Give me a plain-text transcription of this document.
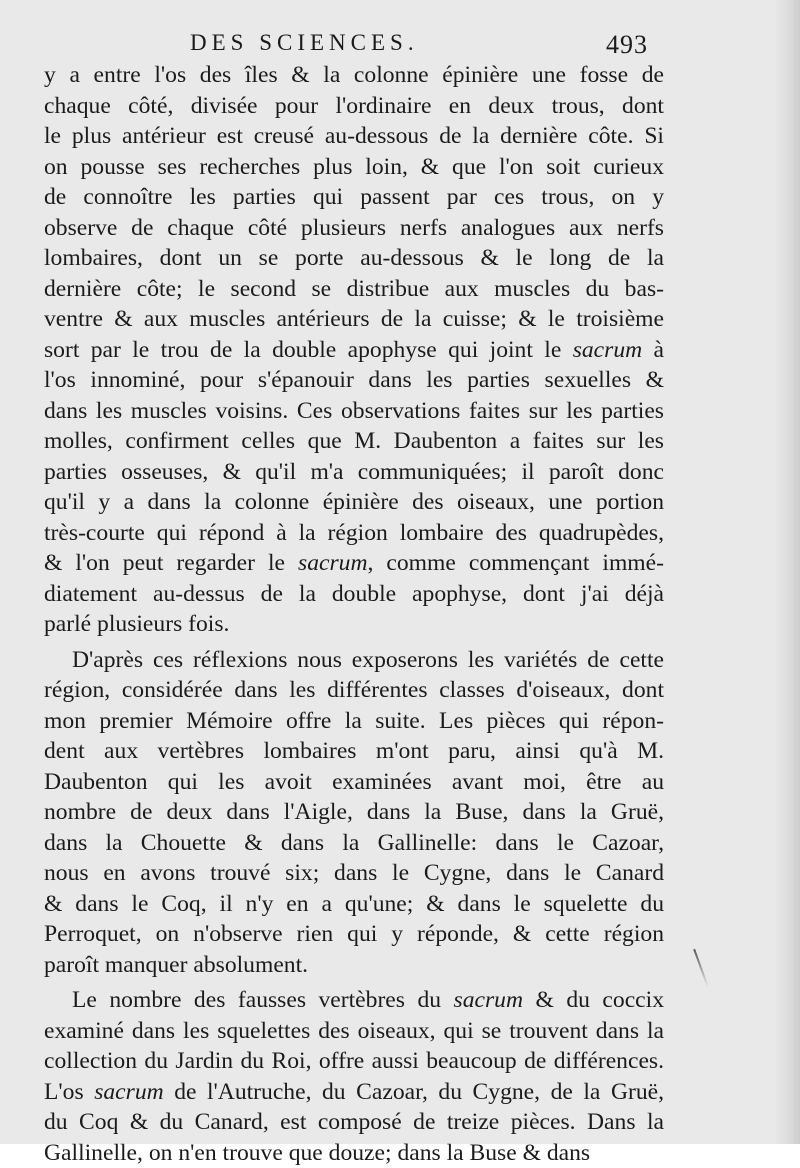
DES SCIENCES.	493
y a entre l'os des îles & la colonne épinière une fosse de
chaque côté, divisée pour l'ordinaire en deux trous, dont
le plus antérieur est creusé au-dessous de la dernière côte. Si
on pousse ses recherches plus loin, & que l'on soit curieux
de connoître les parties qui passent par ces trous, on y
observe de chaque côté plusieurs nerfs analogues aux nerfs
lombaires, dont un se porte au-dessous & le long de la
dernière côte; le second se distribue aux muscles du bas-
ventre & aux muscles antérieurs de la cuisse; & le troisième
sort par le trou de la double apophyse qui joint le sacrum à
l'os innominé, pour s'épanouir dans les parties sexuelles &
dans les muscles voisins. Ces observations faites sur les parties
molles, confirment celles que M. Daubenton a faites sur les
parties osseuses, & qu'il m'a communiquées; il paroît donc
qu'il y a dans la colonne épinière des oiseaux, une portion
très-courte qui répond à la région lombaire des quadrupèdes,
& l'on peut regarder le sacrum, comme commençant immé-
diatement au-dessus de la double apophyse, dont j'ai déjà
parlé plusieurs fois.
D'après ces réflexions nous exposerons les variétés de cette
région, considérée dans les différentes classes d'oiseaux, dont
mon premier Mémoire offre la suite. Les pièces qui répon-
dent aux vertèbres lombaires m'ont paru, ainsi qu'à M.
Daubenton qui les avoit examinées avant moi, être au
nombre de deux dans l'Aigle, dans la Buse, dans la Gruë,
dans la Chouette & dans la Gallinelle: dans le Cazoar,
nous en avons trouvé six; dans le Cygne, dans le Canard
& dans le Coq, il n'y en a qu'une; & dans le squelette du
Perroquet, on n'observe rien qui y réponde, & cette région
paroît manquer absolument.
Le nombre des fausses vertèbres du sacrum & du coccix
examiné dans les squelettes des oiseaux, qui se trouvent dans la
collection du Jardin du Roi, offre aussi beaucoup de différences.
L'os sacrum de l'Autruche, du Cazoar, du Cygne, de la Gruë,
du Coq & du Canard, est composé de treize pièces. Dans la
Gallinelle, on n'en trouve que douze; dans la Buse & dans
